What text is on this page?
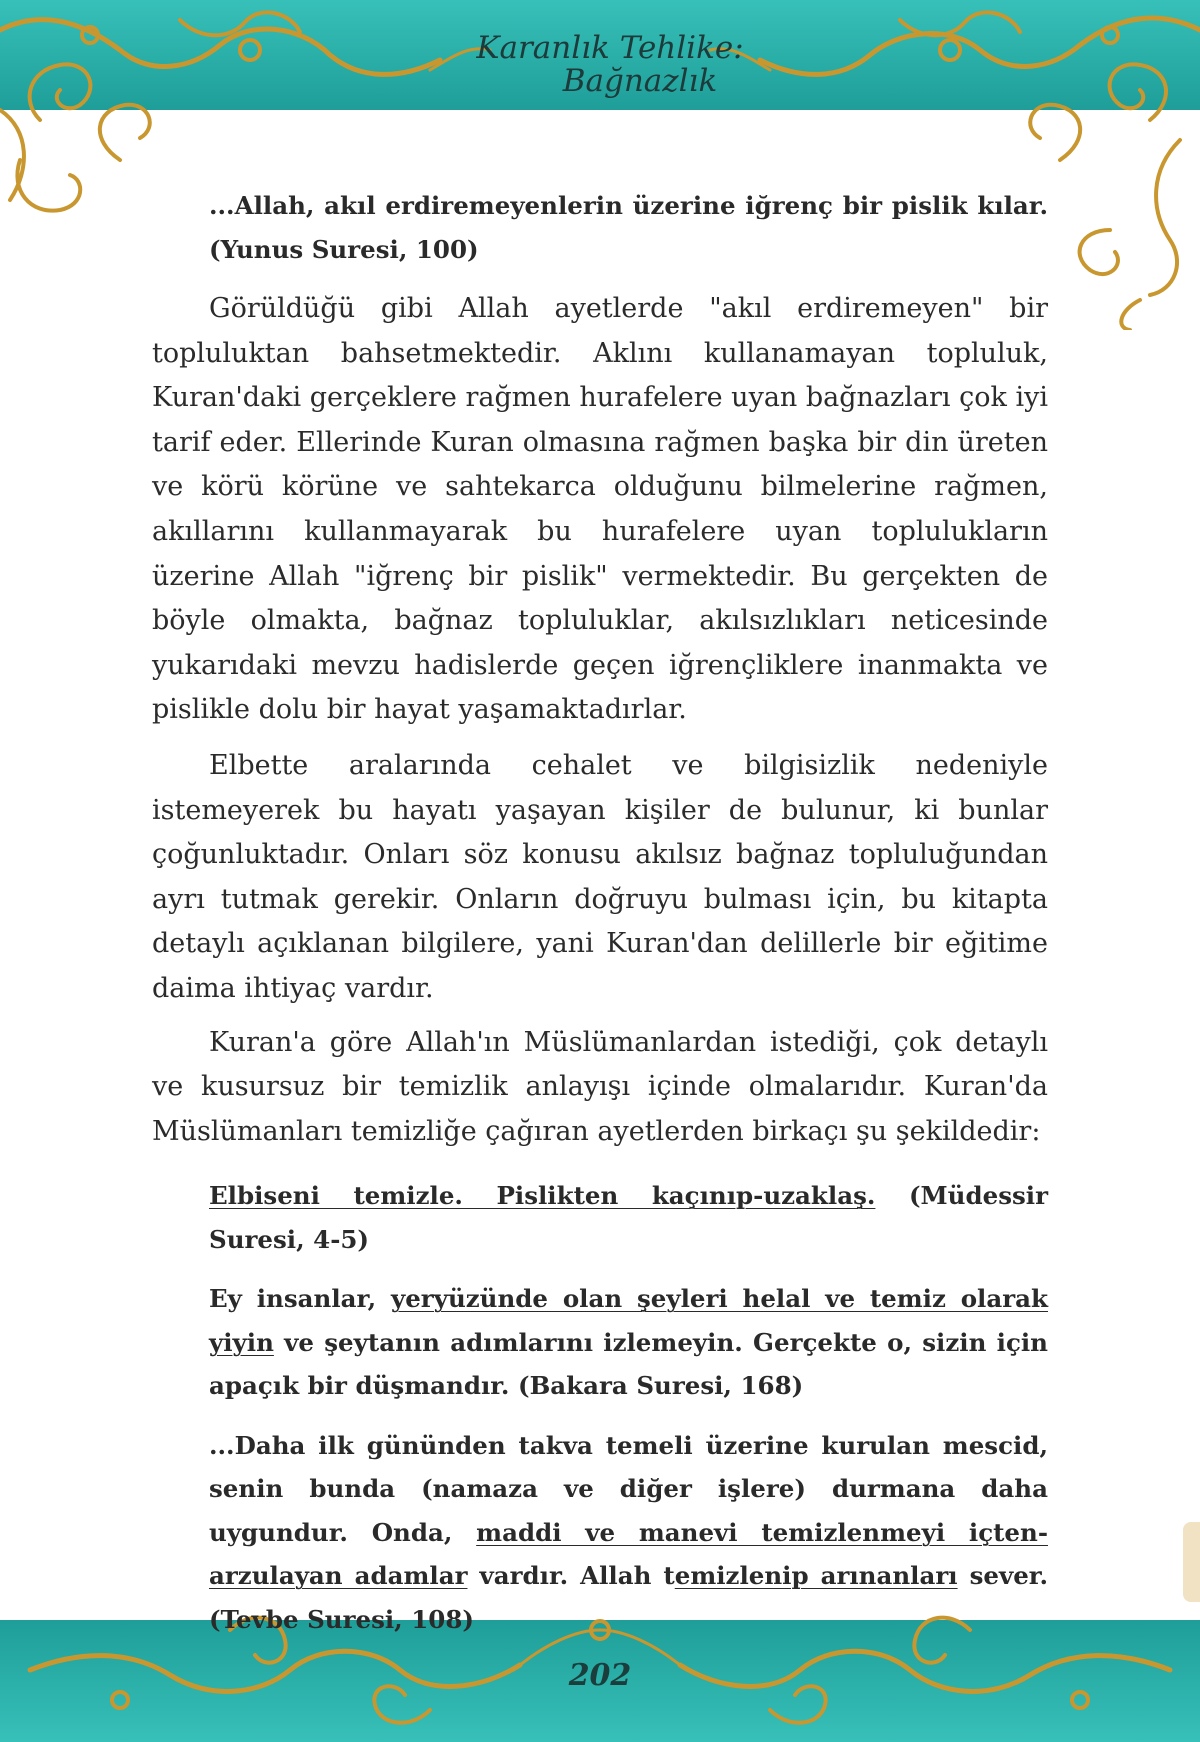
Karanlık Tehlike:
Bağnazlık

...Allah, akıl erdiremeyenlerin üzerine iğrenç bir pislik kılar. (Yunus Suresi, 100)

Görüldüğü gibi Allah ayetlerde "akıl erdiremeyen" bir topluluktan bahsetmektedir. Aklını kullanamayan topluluk, Kuran'daki gerçeklere rağmen hurafelere uyan bağnazları çok iyi tarif eder. Ellerinde Kuran olmasına rağmen başka bir din üreten ve körü körüne ve sahtekarca olduğunu bilmelerine rağmen, akıllarını kullanmayarak bu hurafelere uyan toplulukların üzerine Allah "iğrenç bir pislik" vermektedir. Bu gerçekten de böyle olmakta, bağnaz topluluklar, akılsızlıkları neticesinde yukarıdaki mevzu hadislerde geçen iğrençliklere inanmakta ve pislikle dolu bir hayat yaşamaktadırlar.

Elbette aralarında cehalet ve bilgisizlik nedeniyle istemeyerek bu hayatı yaşayan kişiler de bulunur, ki bunlar çoğunluktadır. Onları söz konusu akılsız bağnaz topluluğundan ayrı tutmak gerekir. Onların doğruyu bulması için, bu kitapta detaylı açıklanan bilgilere, yani Kuran'dan delillerle bir eğitime daima ihtiyaç vardır.

Kuran'a göre Allah'ın Müslümanlardan istediği, çok detaylı ve kusursuz bir temizlik anlayışı içinde olmalarıdır. Kuran'da Müslümanları temizliğe çağıran ayetlerden birkaçı şu şekildedir:

Elbiseni temizle. Pislikten kaçınıp-uzaklaş. (Müdessir Suresi, 4-5)

Ey insanlar, yeryüzünde olan şeyleri helal ve temiz olarak yiyin ve şeytanın adımlarını izlemeyin. Gerçekte o, sizin için apaçık bir düşmandır. (Bakara Suresi, 168)

...Daha ilk gününden takva temeli üzerine kurulan mescid, senin bunda (namaza ve diğer işlere) durmana daha uygundur. Onda, maddi ve manevi temizlenmeyi içten-arzulayan adamlar vardır. Allah temizlenip arınanları sever. (Tevbe Suresi, 108)

202
